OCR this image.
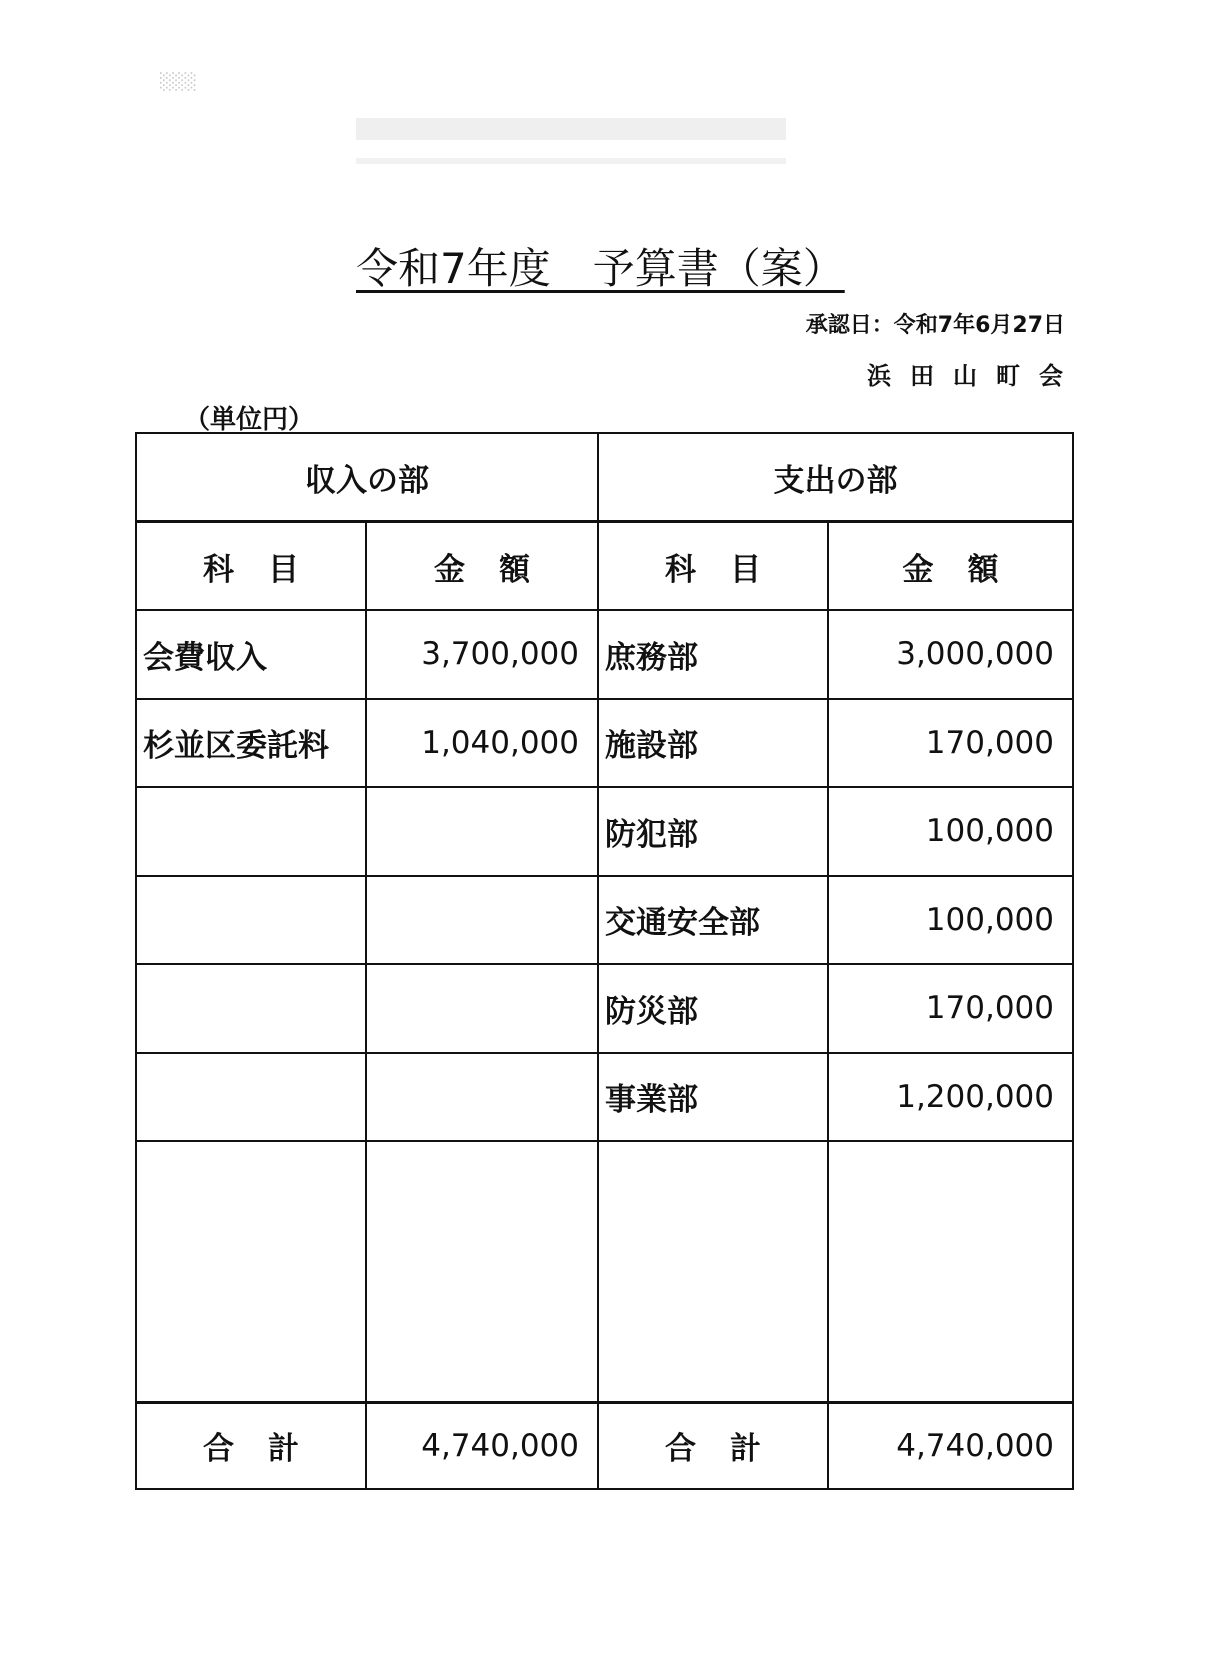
░░░
令和7年度　予算書（案）
承認日：令和7年6月27日
浜田山町会
（単位円）
収入の部		支出の部	
科目	金額	科目	金額
会費収入	3,700,000	庶務部	3,000,000
杉並区委託料	1,040,000	施設部	170,000
		防犯部	100,000
		交通安全部	100,000
		防災部	170,000
		事業部	1,200,000

合計	4,740,000	合計	4,740,000
